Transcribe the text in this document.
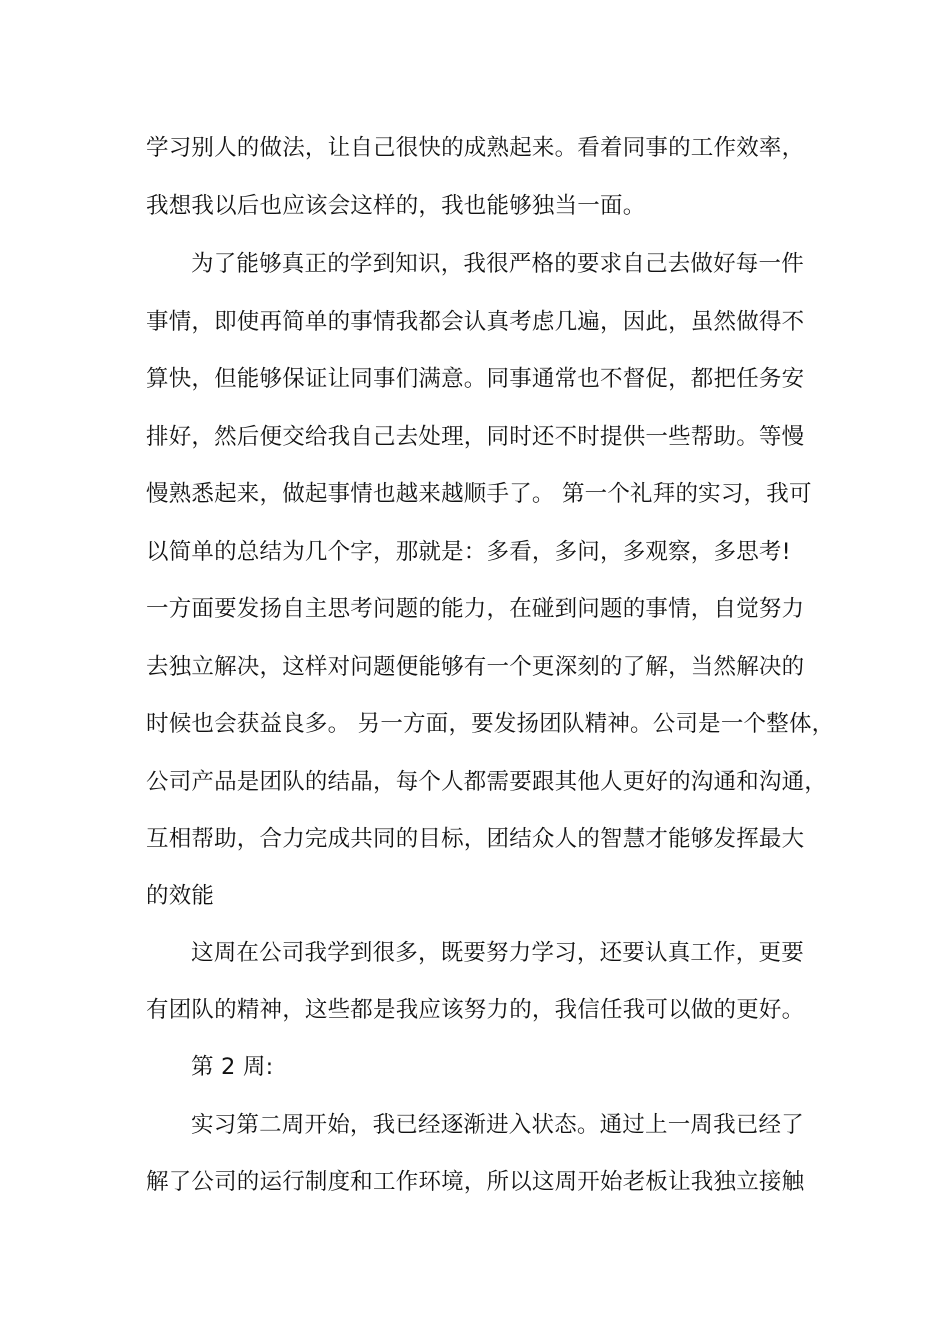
学习别人的做法，让自己很快的成熟起来。看着同事的工作效率，
我想我以后也应该会这样的，我也能够独当一面。
为了能够真正的学到知识，我很严格的要求自己去做好每一件
事情，即使再简单的事情我都会认真考虑几遍，因此，虽然做得不
算快，但能够保证让同事们满意。同事通常也不督促，都把任务安
排好，然后便交给我自己去处理，同时还不时提供一些帮助。等慢
慢熟悉起来，做起事情也越来越顺手了。 第一个礼拜的实习，我可
以简单的总结为几个字，那就是：多看，多问，多观察，多思考!
一方面要发扬自主思考问题的能力，在碰到问题的事情，自觉努力
去独立解决，这样对问题便能够有一个更深刻的了解，当然解决的
时候也会获益良多。 另一方面，要发扬团队精神。公司是一个整体，
公司产品是团队的结晶，每个人都需要跟其他人更好的沟通和沟通，
互相帮助，合力完成共同的目标，团结众人的智慧才能够发挥最大
的效能
这周在公司我学到很多，既要努力学习，还要认真工作，更要
有团队的精神，这些都是我应该努力的，我信任我可以做的更好。
第 2 周:
实习第二周开始，我已经逐渐进入状态。通过上一周我已经了
解了公司的运行制度和工作环境，所以这周开始老板让我独立接触
